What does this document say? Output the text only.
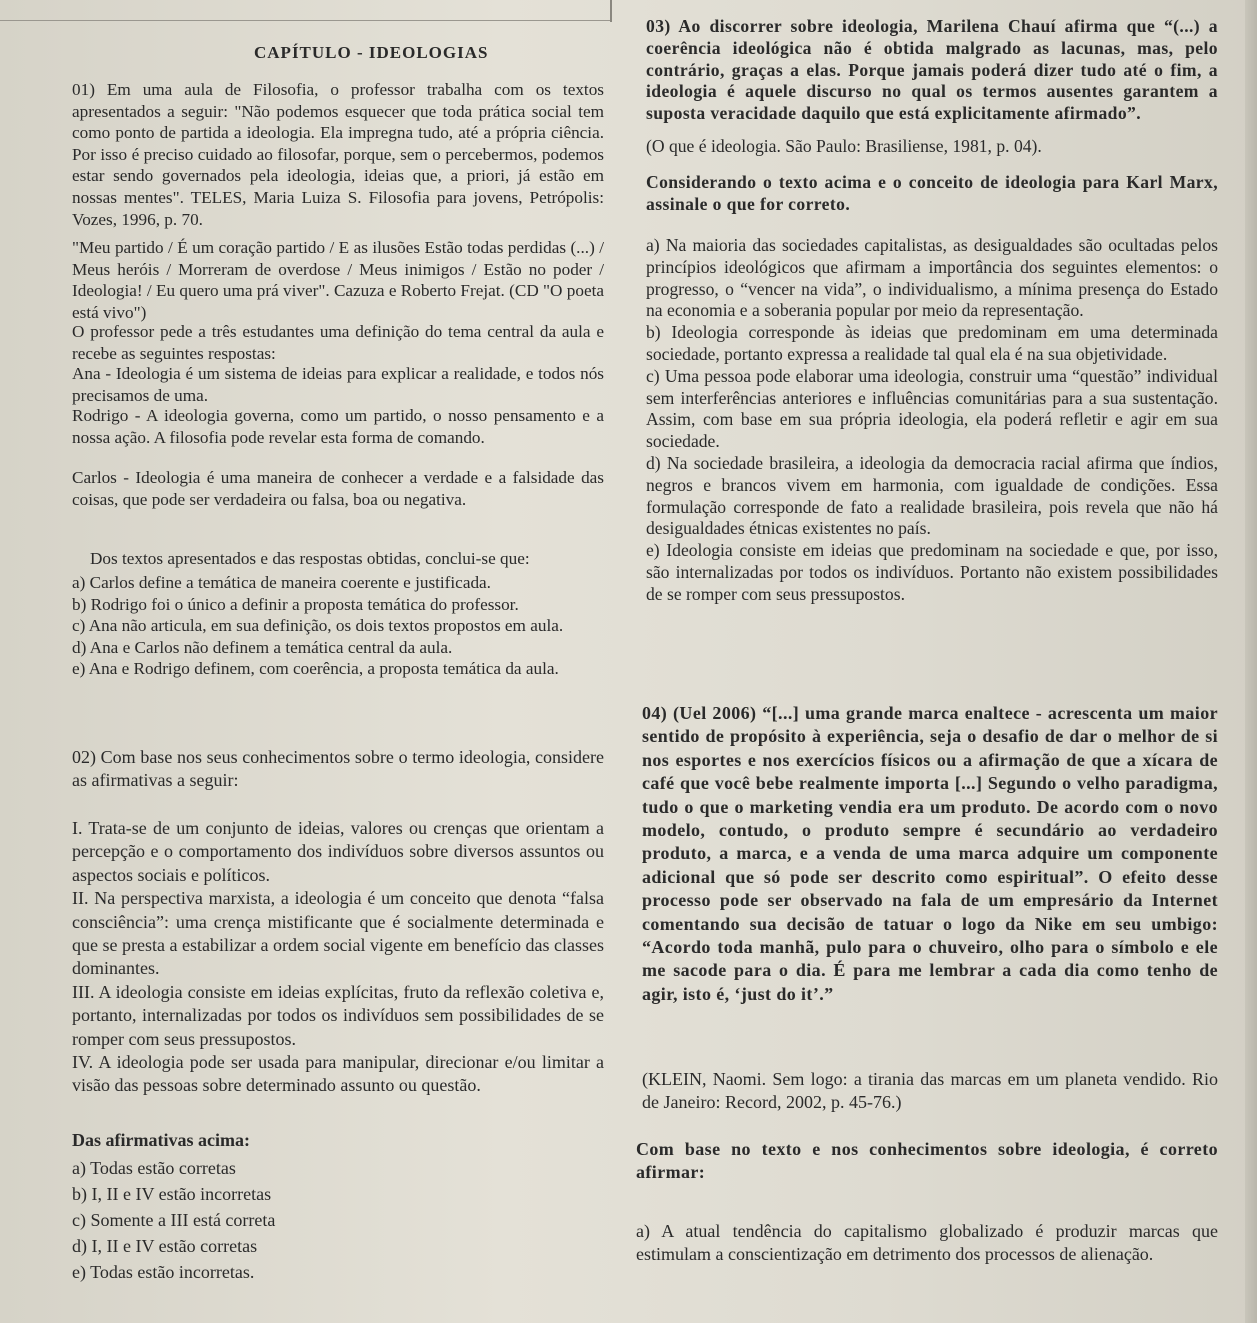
CAPÍTULO - IDEOLOGIAS
01) Em uma aula de Filosofia, o professor trabalha com os textos apresentados a seguir: "Não podemos esquecer que toda prática social tem como ponto de partida a ideologia. Ela impregna tudo, até a própria ciência. Por isso é preciso cuidado ao filosofar, porque, sem o percebermos, podemos estar sendo governados pela ideologia, ideias que, a priori, já estão em nossas mentes". TELES, Maria Luiza S. Filosofia para jovens, Petrópolis: Vozes, 1996, p. 70.
"Meu partido / É um coração partido / E as ilusões Estão todas perdidas (...) / Meus heróis / Morreram de overdose / Meus inimigos / Estão no poder / Ideologia! / Eu quero uma prá viver". Cazuza e Roberto Frejat. (CD "O poeta está vivo")
O professor pede a três estudantes uma definição do tema central da aula e recebe as seguintes respostas:
Ana - Ideologia é um sistema de ideias para explicar a realidade, e todos nós precisamos de uma.
Rodrigo - A ideologia governa, como um partido, o nosso pensamento e a nossa ação. A filosofia pode revelar esta forma de comando.
Carlos - Ideologia é uma maneira de conhecer a verdade e a falsidade das coisas, que pode ser verdadeira ou falsa, boa ou negativa.
Dos textos apresentados e das respostas obtidas, conclui-se que:
a) Carlos define a temática de maneira coerente e justificada.
b) Rodrigo foi o único a definir a proposta temática do professor.
c) Ana não articula, em sua definição, os dois textos propostos em aula.
d) Ana e Carlos não definem a temática central da aula.
e) Ana e Rodrigo definem, com coerência, a proposta temática da aula.
02) Com base nos seus conhecimentos sobre o termo ideologia, considere as afirmativas a seguir:
I. Trata-se de um conjunto de ideias, valores ou crenças que orientam a percepção e o comportamento dos indivíduos sobre diversos assuntos ou aspectos sociais e políticos.
II. Na perspectiva marxista, a ideologia é um conceito que denota “falsa consciência”: uma crença mistificante que é socialmente determinada e que se presta a estabilizar a ordem social vigente em benefício das classes dominantes.
III. A ideologia consiste em ideias explícitas, fruto da reflexão coletiva e, portanto, internalizadas por todos os indivíduos sem possibilidades de se romper com seus pressupostos.
IV. A ideologia pode ser usada para manipular, direcionar e/ou limitar a visão das pessoas sobre determinado assunto ou questão.
Das afirmativas acima:
a) Todas estão corretas
b) I, II e IV estão incorretas
c) Somente a III está correta
d) I, II e IV estão corretas
e) Todas estão incorretas.
03) Ao discorrer sobre ideologia, Marilena Chauí afirma que “(...) a coerência ideológica não é obtida malgrado as lacunas, mas, pelo contrário, graças a elas. Porque jamais poderá dizer tudo até o fim, a ideologia é aquele discurso no qual os termos ausentes garantem a suposta veracidade daquilo que está explicitamente afirmado”.
(O que é ideologia. São Paulo: Brasiliense, 1981, p. 04).
Considerando o texto acima e o conceito de ideologia para Karl Marx, assinale o que for correto.
a) Na maioria das sociedades capitalistas, as desigualdades são ocultadas pelos princípios ideológicos que afirmam a importância dos seguintes elementos: o progresso, o “vencer na vida”, o individualismo, a mínima presença do Estado na economia e a soberania popular por meio da representação.
b) Ideologia corresponde às ideias que predominam em uma determinada sociedade, portanto expressa a realidade tal qual ela é na sua objetividade.
c) Uma pessoa pode elaborar uma ideologia, construir uma “questão” individual sem interferências anteriores e influências comunitárias para a sua sustentação. Assim, com base em sua própria ideologia, ela poderá refletir e agir em sua sociedade.
d) Na sociedade brasileira, a ideologia da democracia racial afirma que índios, negros e brancos vivem em harmonia, com igualdade de condições. Essa formulação corresponde de fato a realidade brasileira, pois revela que não há desigualdades étnicas existentes no país.
e) Ideologia consiste em ideias que predominam na sociedade e que, por isso, são internalizadas por todos os indivíduos. Portanto não existem possibilidades de se romper com seus pressupostos.
04) (Uel 2006) “[...] uma grande marca enaltece - acrescenta um maior sentido de propósito à experiência, seja o desafio de dar o melhor de si nos esportes e nos exercícios físicos ou a afirmação de que a xícara de café que você bebe realmente importa [...] Segundo o velho paradigma, tudo o que o marketing vendia era um produto. De acordo com o novo modelo, contudo, o produto sempre é secundário ao verdadeiro produto, a marca, e a venda de uma marca adquire um componente adicional que só pode ser descrito como espiritual”. O efeito desse processo pode ser observado na fala de um empresário da Internet comentando sua decisão de tatuar o logo da Nike em seu umbigo: “Acordo toda manhã, pulo para o chuveiro, olho para o símbolo e ele me sacode para o dia. É para me lembrar a cada dia como tenho de agir, isto é, ‘just do it’.”
(KLEIN, Naomi. Sem logo: a tirania das marcas em um planeta vendido. Rio de Janeiro: Record, 2002, p. 45-76.)
Com base no texto e nos conhecimentos sobre ideologia, é correto afirmar:
a) A atual tendência do capitalismo globalizado é produzir marcas que estimulam a conscientização em detrimento dos processos de alienação.
